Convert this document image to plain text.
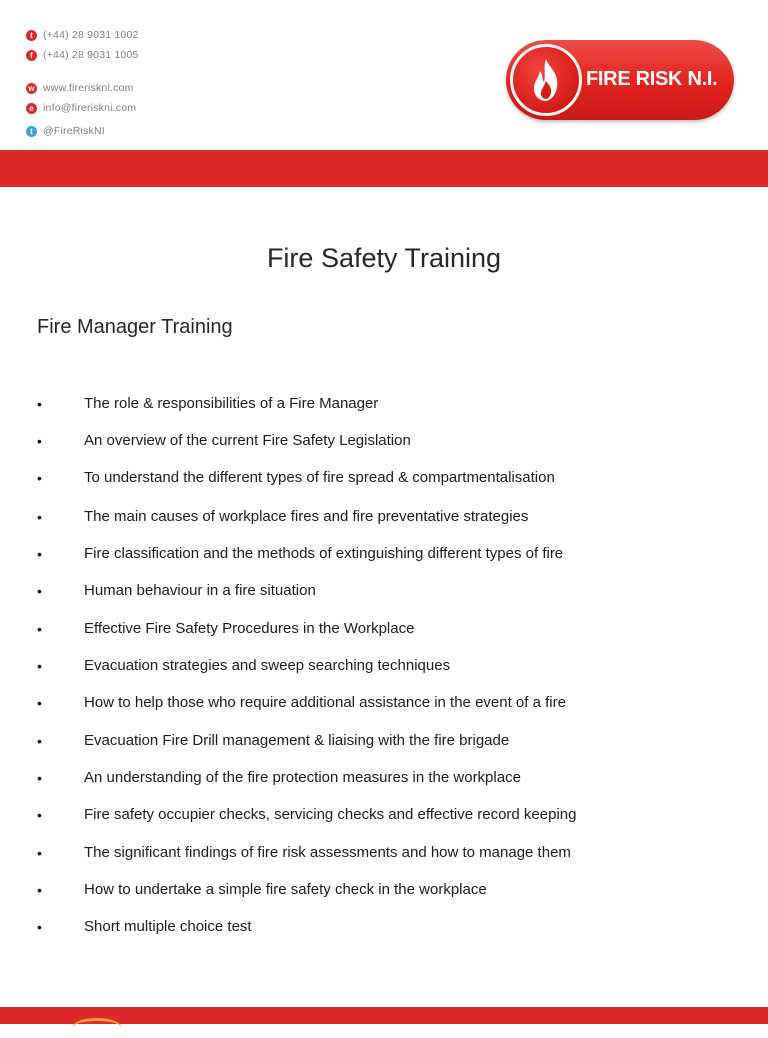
t (+44) 28 9031 1002
f (+44) 28 9031 1005
w www.fireriskni.com
e info@fireriskni.com
t @FireRiskNI
FIRE RISK N.I.
Fire Safety Training
Fire Manager Training
•	The role & responsibilities of a Fire Manager
•	An overview of the current Fire Safety Legislation
•	To understand the different types of fire spread & compartmentalisation
•	The main causes of workplace fires and fire preventative strategies
•	Fire classification and the methods of extinguishing different types of fire
•	Human behaviour in a fire situation
•	Effective Fire Safety Procedures in the Workplace
•	Evacuation strategies and sweep searching techniques
•	How to help those who require additional assistance in the event of a fire
•	Evacuation Fire Drill management & liaising with the fire brigade
•	An understanding of the fire protection measures in the workplace
•	Fire safety occupier checks, servicing checks and effective record keeping
•	The significant findings of fire risk assessments and how to manage them
•	How to undertake a simple fire safety check in the workplace
•	Short multiple choice test
